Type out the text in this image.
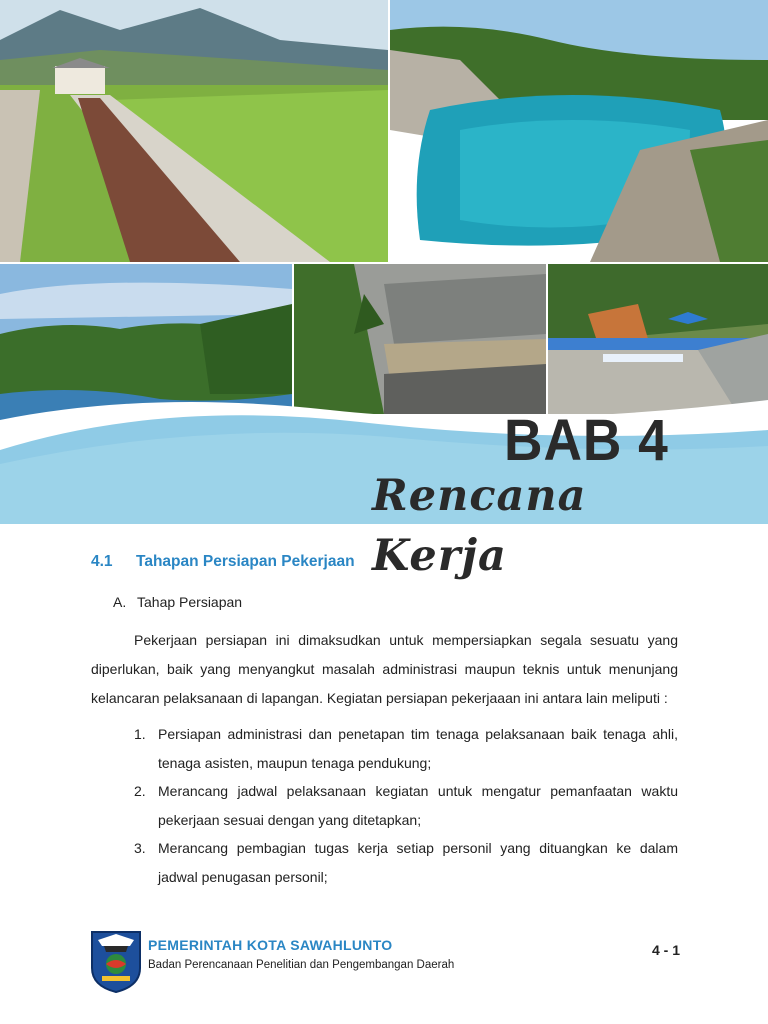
BAB 4
Rencana Kerja
4.1 Tahapan Persiapan Pekerjaan
A. Tahap Persiapan

Pekerjaan persiapan ini dimaksudkan untuk mempersiapkan segala sesuatu yang diperlukan, baik yang menyangkut masalah administrasi maupun teknis untuk menunjang kelancaran pelaksanaan di lapangan. Kegiatan persiapan pekerjaaan ini antara lain meliputi :

1. Persiapan administrasi dan penetapan tim tenaga pelaksanaan baik tenaga ahli, tenaga asisten, maupun tenaga pendukung;
2. Merancang jadwal pelaksanaan kegiatan untuk mengatur pemanfaatan waktu pekerjaan sesuai dengan yang ditetapkan;
3. Merancang pembagian tugas kerja setiap personil yang dituangkan ke dalam jadwal penugasan personil;
PEMERINTAH KOTA SAWAHLUNTO
Badan Perencanaan Penelitian dan Pengembangan Daerah
4 - 1
